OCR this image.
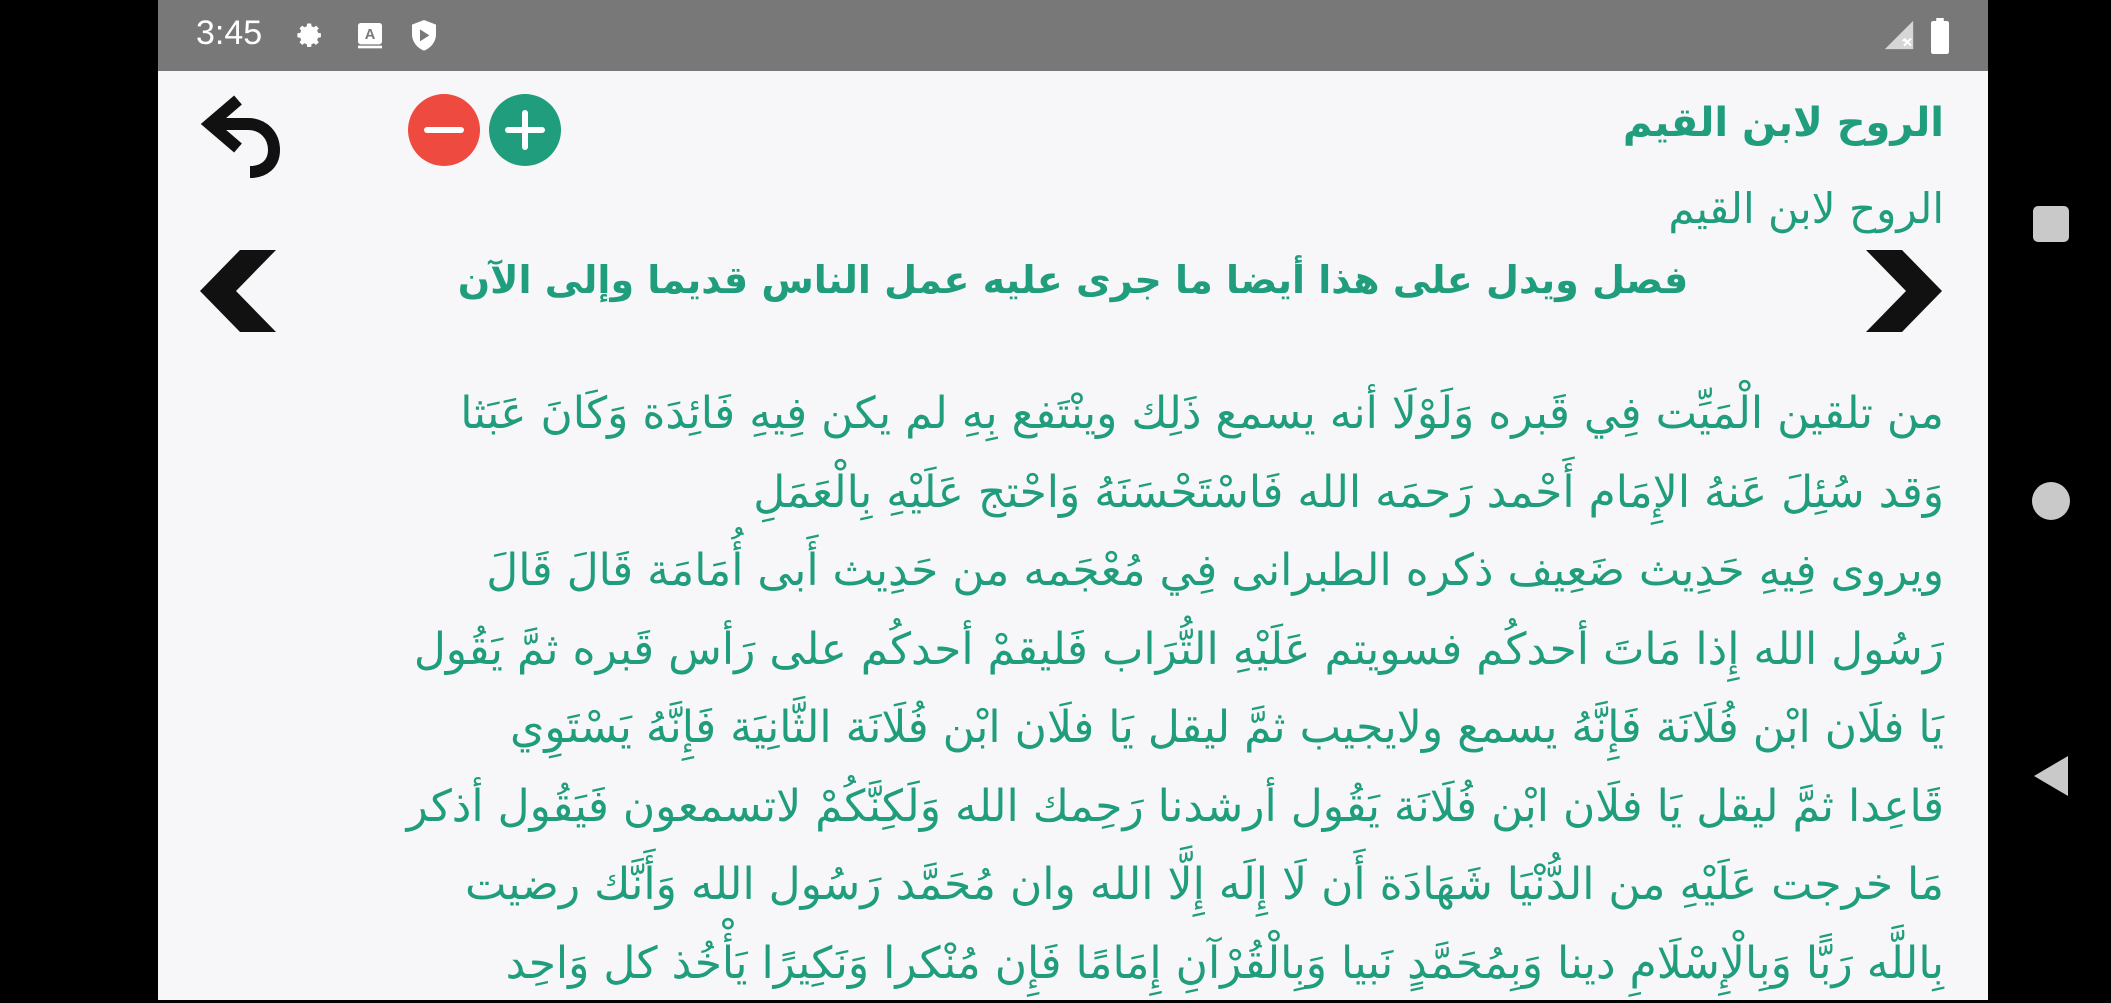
3:45	A
الروح لابن القيم
الروح لابن القيم
فصل ويدل على هذا أيضا ما جرى عليه عمل الناس قديما وإلى الآن
من تلقين الْمَيِّت فِي قَبره وَلَوْلَا أنه يسمع ذَلِك وينْتَفع بِهِ لم يكن فِيهِ فَائِدَة وَكَانَ عَبَثا
وَقد سُئِلَ عَنهُ الإِمَام أَحْمد رَحمَه الله فَاسْتَحْسَنَهُ وَاحْتج عَلَيْهِ بِالْعَمَلِ
ويروى فِيهِ حَدِيث ضَعِيف ذكره الطبرانى فِي مُعْجَمه من حَدِيث أَبى أُمَامَة قَالَ قَالَ
رَسُول الله إِذا مَاتَ أحدكُم فسويتم عَلَيْهِ التُّرَاب فَليقمْ أحدكُم على رَأس قَبره ثمَّ يَقُول
يَا فلَان ابْن فُلَانَة فَإِنَّهُ يسمع ولايجيب ثمَّ ليقل يَا فلَان ابْن فُلَانَة الثَّانِيَة فَإِنَّهُ يَسْتَوِي
قَاعِدا ثمَّ ليقل يَا فلَان ابْن فُلَانَة يَقُول أرشدنا رَحِمك الله وَلَكِنَّكُمْ لاتسمعون فَيَقُول أذكر
مَا خرجت عَلَيْهِ من الدُّنْيَا شَهَادَة أَن لَا إِلَه إِلَّا الله وان مُحَمَّد رَسُول الله وَأَنَّك رضيت
بِاللَّه رَبًّا وَبِالْإِسْلَامِ دينا وَبِمُحَمَّدٍ نَبيا وَبِالْقُرْآنِ إِمَامًا فَإِن مُنْكرا وَنَكِيرًا يَأْخُذ كل وَاحِد
